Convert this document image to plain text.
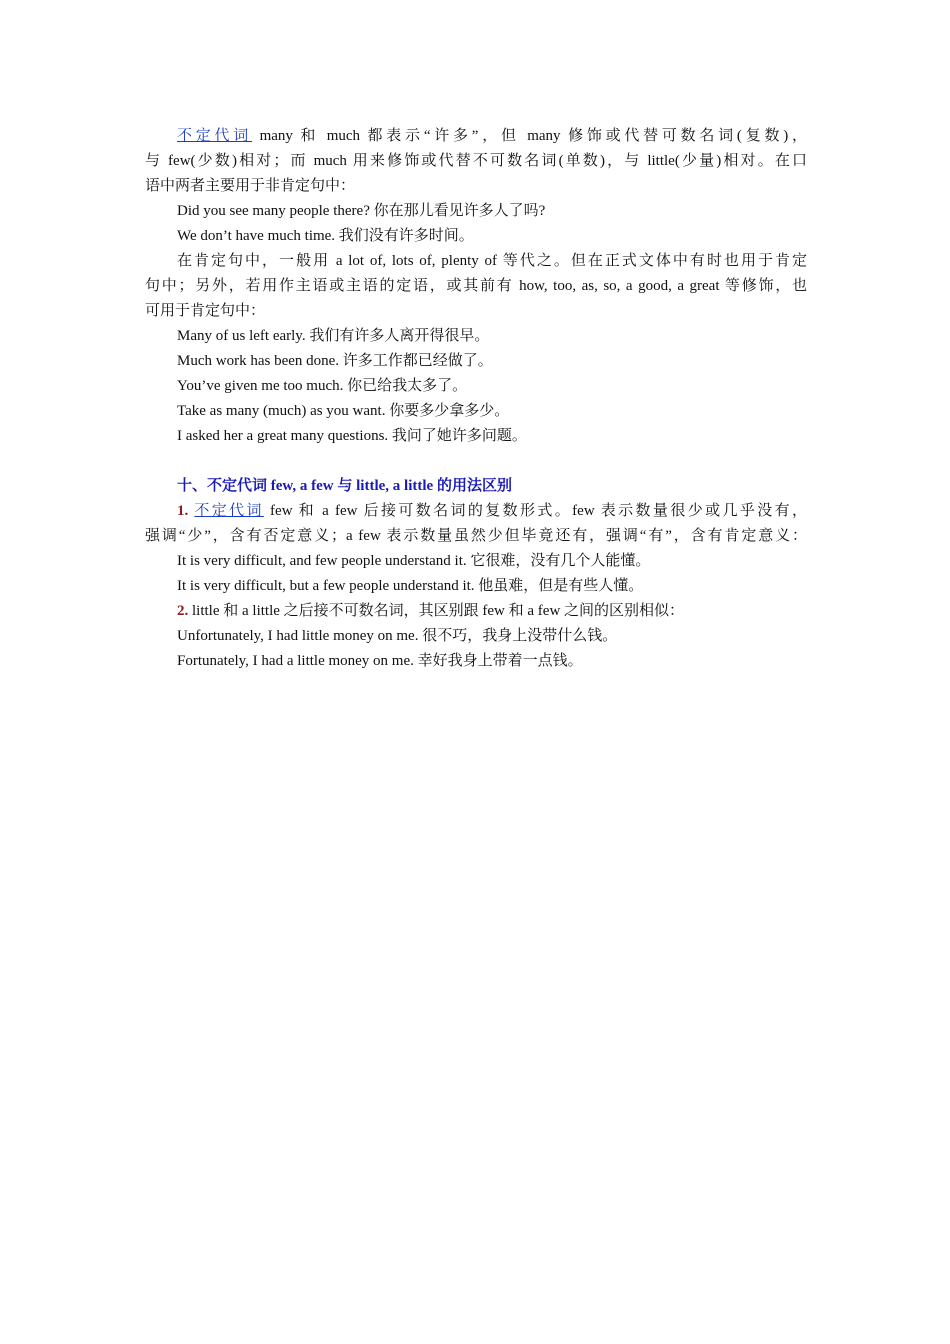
不定代词 many 和 much 都表示“许多”，但 many 修饰或代替可数名词(复数)，

与 few(少数)相对；而 much 用来修饰或代替不可数名词(单数)，与 little(少量)相对。在口

语中两者主要用于非肯定句中：

Did you see many people there? 你在那儿看见许多人了吗?

We don’t have much time. 我们没有许多时间。

在肯定句中，一般用 a lot of, lots of, plenty of 等代之。但在正式文体中有时也用于肯定

句中；另外，若用作主语或主语的定语，或其前有 how, too, as, so, a good, a great 等修饰，也

可用于肯定句中：

Many of us left early. 我们有许多人离开得很早。

Much work has been done. 许多工作都已经做了。

You’ve given me too much. 你已给我太多了。

Take as many (much) as you want. 你要多少拿多少。

I asked her a great many questions. 我问了她许多问题。

十、不定代词 few, a few 与 little, a little 的用法区别

1. 不定代词 few 和 a few 后接可数名词的复数形式。few 表示数量很少或几乎没有，

强调“少”，含有否定意义；a few 表示数量虽然少但毕竟还有，强调“有”，含有肯定意义：

It is very difficult, and few people understand it. 它很难，没有几个人能懂。

It is very difficult, but a few people understand it. 他虽难，但是有些人懂。

2. little 和 a little 之后接不可数名词，其区别跟 few 和 a few 之间的区别相似：

Unfortunately, I had little money on me. 很不巧，我身上没带什么钱。

Fortunately, I had a little money on me. 幸好我身上带着一点钱。
